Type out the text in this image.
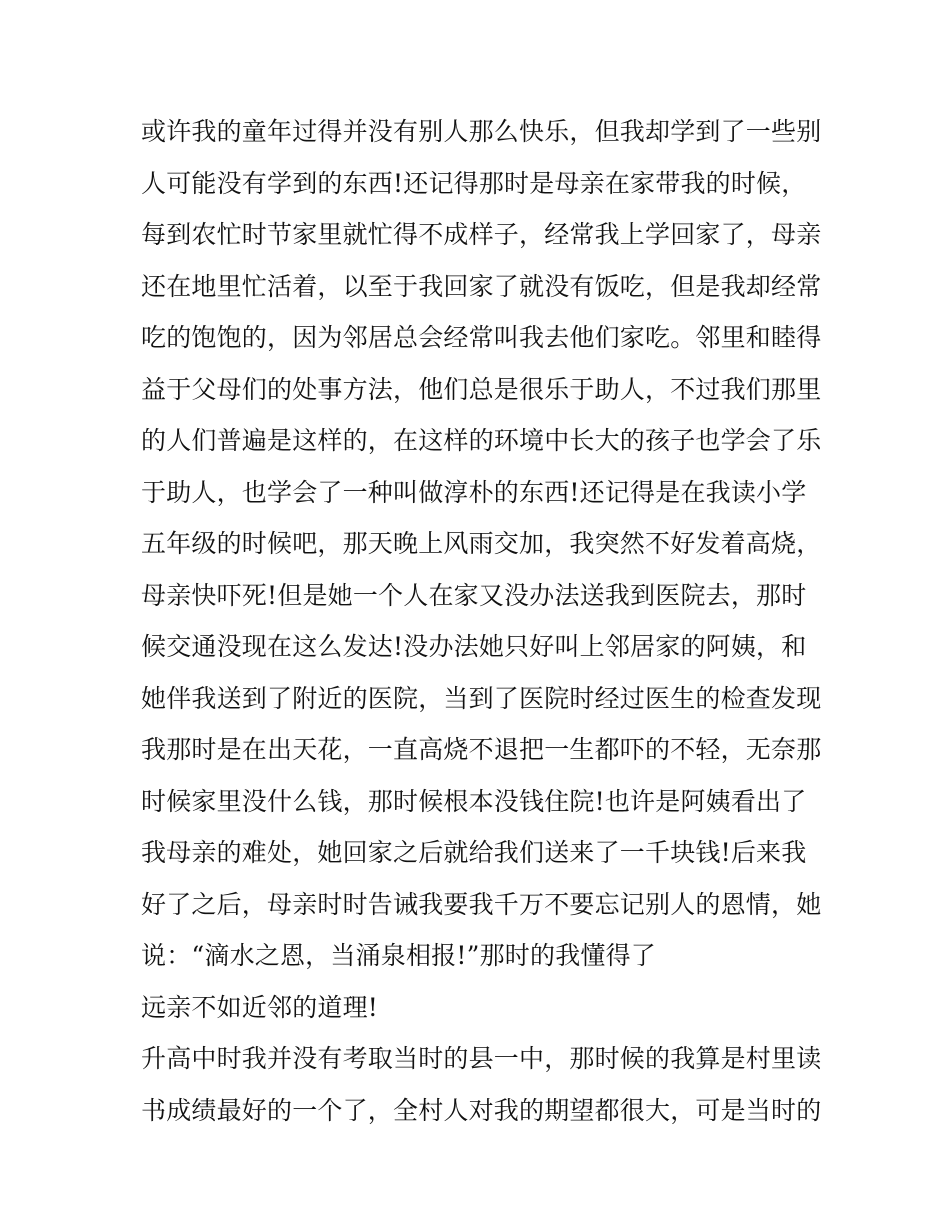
或许我的童年过得并没有别人那么快乐，但我却学到了一些别
人可能没有学到的东西!还记得那时是母亲在家带我的时候，
每到农忙时节家里就忙得不成样子，经常我上学回家了，母亲
还在地里忙活着，以至于我回家了就没有饭吃，但是我却经常
吃的饱饱的，因为邻居总会经常叫我去他们家吃。邻里和睦得
益于父母们的处事方法，他们总是很乐于助人，不过我们那里
的人们普遍是这样的，在这样的环境中长大的孩子也学会了乐
于助人，也学会了一种叫做淳朴的东西!还记得是在我读小学
五年级的时候吧，那天晚上风雨交加，我突然不好发着高烧，
母亲快吓死!但是她一个人在家又没办法送我到医院去，那时
候交通没现在这么发达!没办法她只好叫上邻居家的阿姨，和
她伴我送到了附近的医院，当到了医院时经过医生的检查发现
我那时是在出天花，一直高烧不退把一生都吓的不轻，无奈那
时候家里没什么钱，那时候根本没钱住院!也许是阿姨看出了
我母亲的难处，她回家之后就给我们送来了一千块钱!后来我
好了之后，母亲时时告诫我要我千万不要忘记别人的恩情，她
说：“滴水之恩，当涌泉相报!”那时的我懂得了
远亲不如近邻的道理!
升高中时我并没有考取当时的县一中，那时候的我算是村里读
书成绩最好的一个了，全村人对我的期望都很大，可是当时的
